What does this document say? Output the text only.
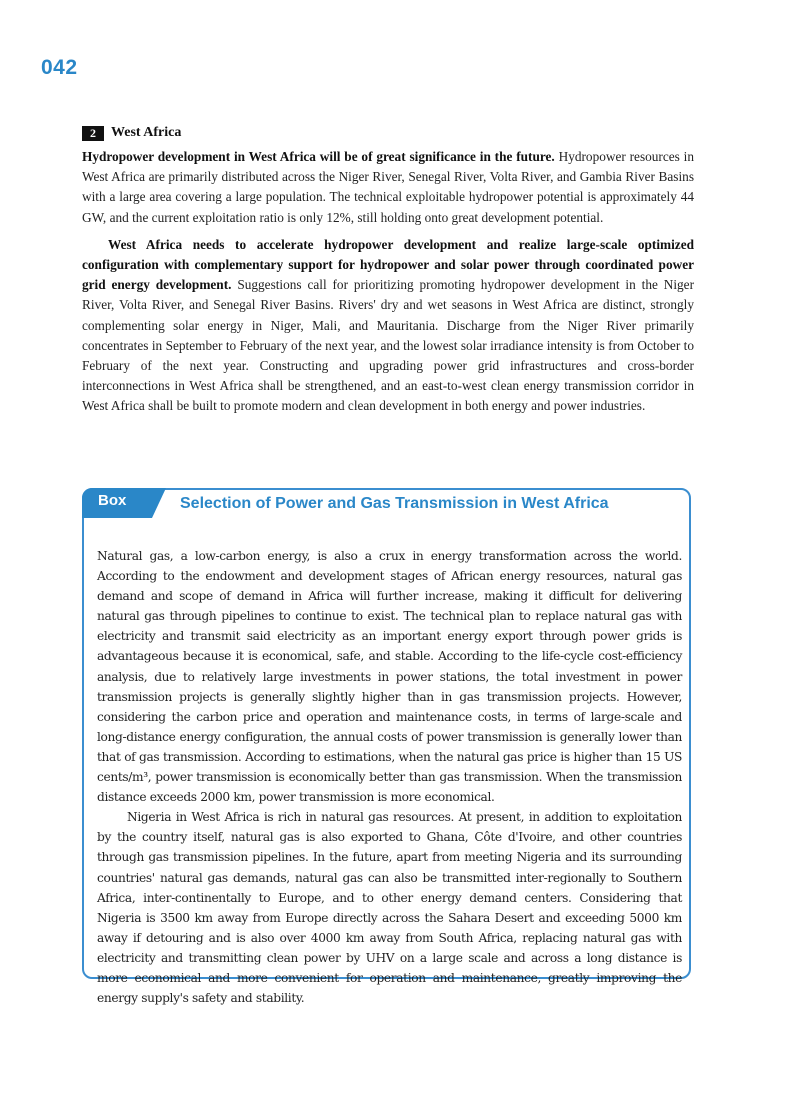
042
2	West Africa

Hydropower development in West Africa will be of great significance in the future. Hydropower resources in West Africa are primarily distributed across the Niger River, Senegal River, Volta River, and Gambia River Basins with a large area covering a large population. The technical exploitable hydropower potential is approximately 44 GW, and the current exploitation ratio is only 12%, still holding onto great development potential.

West Africa needs to accelerate hydropower development and realize large-scale optimized configuration with complementary support for hydropower and solar power through coordinated power grid energy development. Suggestions call for prioritizing promoting hydropower development in the Niger River, Volta River, and Senegal River Basins. Rivers' dry and wet seasons in West Africa are distinct, strongly complementing solar energy in Niger, Mali, and Mauritania. Discharge from the Niger River primarily concentrates in September to February of the next year, and the lowest solar irradiance intensity is from October to February of the next year. Constructing and upgrading power grid infrastructures and cross-border interconnections in West Africa shall be strengthened, and an east-to-west clean energy transmission corridor in West Africa shall be built to promote modern and clean development in both energy and power industries.

Box	Selection of Power and Gas Transmission in West Africa

Natural gas, a low-carbon energy, is also a crux in energy transformation across the world. According to the endowment and development stages of African energy resources, natural gas demand and scope of demand in Africa will further increase, making it difficult for delivering natural gas through pipelines to continue to exist. The technical plan to replace natural gas with electricity and transmit said electricity as an important energy export through power grids is advantageous because it is economical, safe, and stable. According to the life-cycle cost-efficiency analysis, due to relatively large investments in power stations, the total investment in power transmission projects is generally slightly higher than in gas transmission projects. However, considering the carbon price and operation and maintenance costs, in terms of large-scale and long-distance energy configuration, the annual costs of power transmission is generally lower than that of gas transmission. According to estimations, when the natural gas price is higher than 15 US cents/m³, power transmission is economically better than gas transmission. When the transmission distance exceeds 2000 km, power transmission is more economical.

Nigeria in West Africa is rich in natural gas resources. At present, in addition to exploitation by the country itself, natural gas is also exported to Ghana, Côte d'Ivoire, and other countries through gas transmission pipelines. In the future, apart from meeting Nigeria and its surrounding countries' natural gas demands, natural gas can also be transmitted inter-regionally to Southern Africa, inter-continentally to Europe, and to other energy demand centers. Considering that Nigeria is 3500 km away from Europe directly across the Sahara Desert and exceeding 5000 km away if detouring and is also over 4000 km away from South Africa, replacing natural gas with electricity and transmitting clean power by UHV on a large scale and across a long distance is more economical and more convenient for operation and maintenance, greatly improving the energy supply's safety and stability.
